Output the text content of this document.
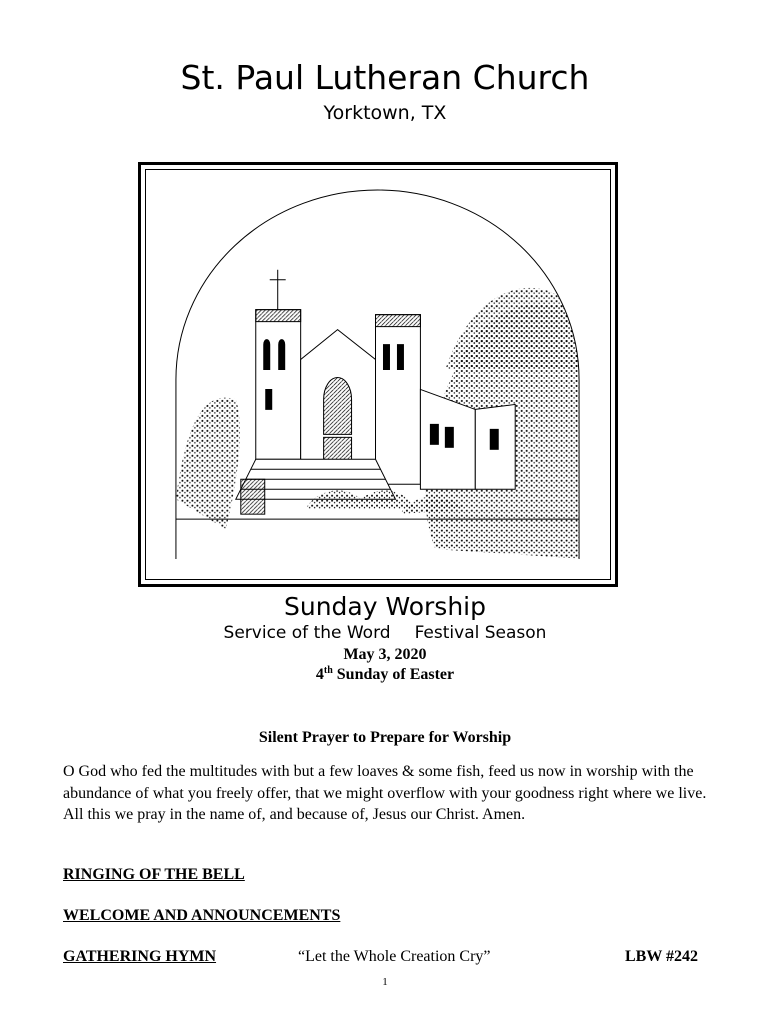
St. Paul Lutheran Church
Yorktown, TX
Sunday Worship
Service of the Word Festival Season
May 3, 2020
4th Sunday of Easter
Silent Prayer to Prepare for Worship
O God who fed the multitudes with but a few loaves & some fish, feed us now in worship with the abundance of what you freely offer, that we might overflow with your goodness right where we live. All this we pray in the name of, and because of, Jesus our Christ. Amen.
RINGING OF THE BELL
WELCOME AND ANNOUNCEMENTS
GATHERING HYMN	“Let the Whole Creation Cry”	LBW #242
1
